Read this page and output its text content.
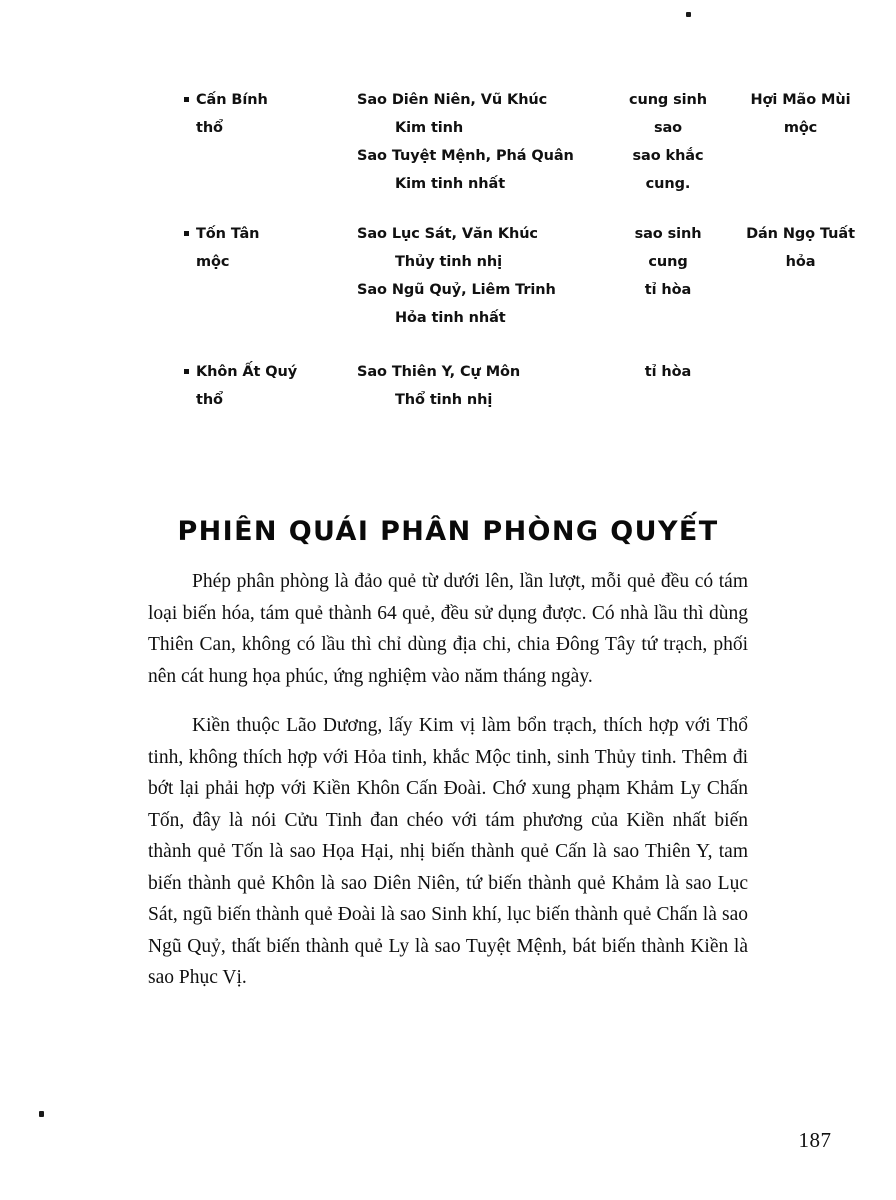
Cấn Bính
thổ
Sao Diên Niên, Vũ Khúc
Kim tinh
Sao Tuyệt Mệnh, Phá Quân
Kim tinh nhất
cung sinh
sao
sao khắc
cung.
Hợi Mão Mùi
mộc
Tốn Tân
mộc
Sao Lục Sát, Văn Khúc
Thủy tinh nhị
Sao Ngũ Quỷ, Liêm Trinh
Hỏa tinh nhất
sao sinh
cung
tỉ hòa
Dán Ngọ Tuất
hỏa
Khôn Ất Quý
thổ
Sao Thiên Y, Cự Môn
Thổ tinh nhị
tỉ hòa
PHIÊN QUÁI PHÂN PHÒNG QUYẾT

Phép phân phòng là đảo quẻ từ dưới lên, lần lượt, mỗi quẻ đều có tám loại biến hóa, tám quẻ thành 64 quẻ, đều sử dụng được. Có nhà lầu thì dùng Thiên Can, không có lầu thì chỉ dùng địa chi, chia Đông Tây tứ trạch, phối nên cát hung họa phúc, ứng nghiệm vào năm tháng ngày.

Kiền thuộc Lão Dương, lấy Kim vị làm bổn trạch, thích hợp với Thổ tinh, không thích hợp với Hỏa tinh, khắc Mộc tinh, sinh Thủy tinh. Thêm đi bớt lại phải hợp với Kiền Khôn Cấn Đoài. Chớ xung phạm Khảm Ly Chấn Tốn, đây là nói Cửu Tinh đan chéo với tám phương của Kiền nhất biến thành quẻ Tốn là sao Họa Hại, nhị biến thành quẻ Cấn là sao Thiên Y, tam biến thành quẻ Khôn là sao Diên Niên, tứ biến thành quẻ Khảm là sao Lục Sát, ngũ biến thành quẻ Đoài là sao Sinh khí, lục biến thành quẻ Chấn là sao Ngũ Quỷ, thất biến thành quẻ Ly là sao Tuyệt Mệnh, bát biến thành Kiền là sao Phục Vị.

187
